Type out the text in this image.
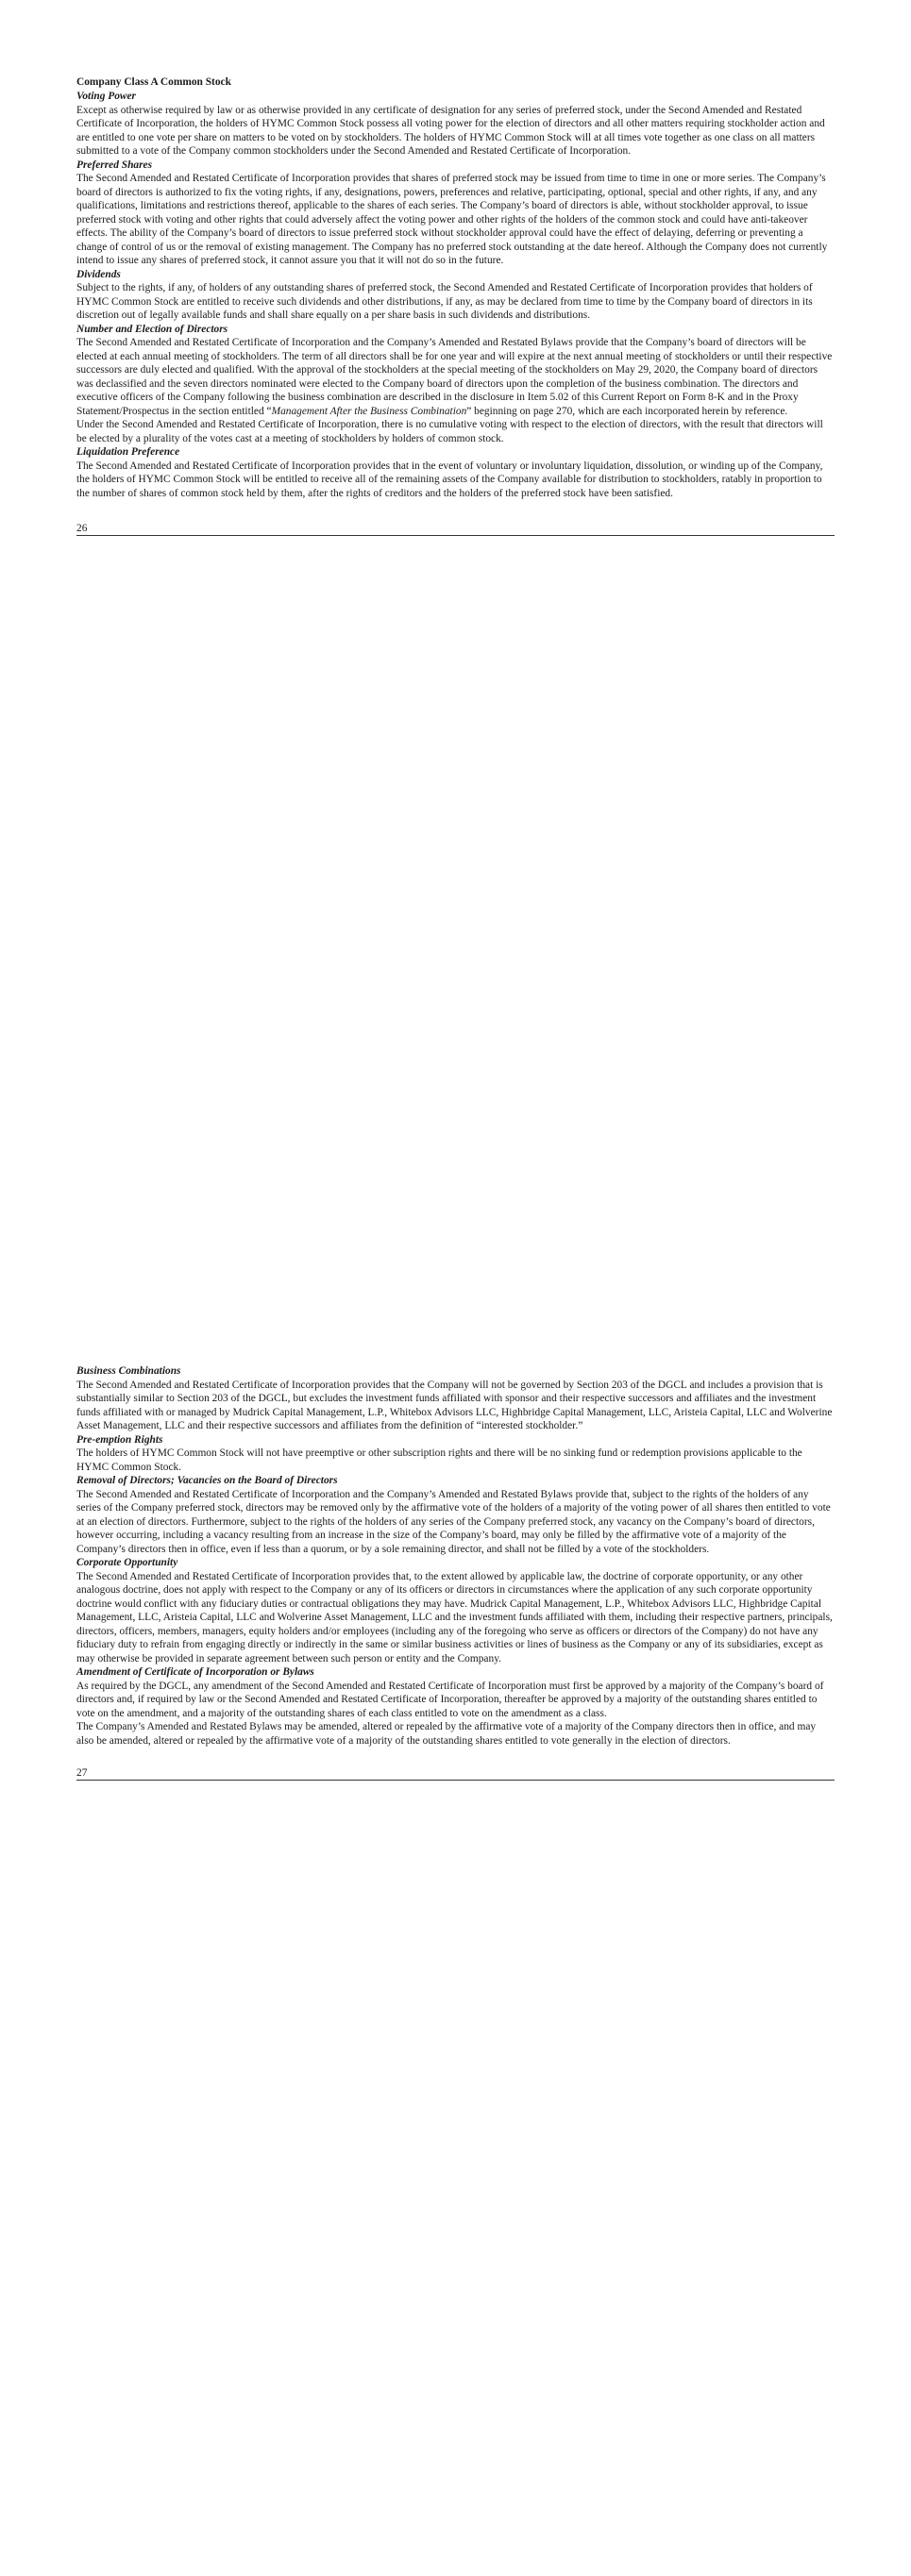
Company Class A Common Stock

Voting Power

Except as otherwise required by law or as otherwise provided in any certificate of designation for any series of preferred stock, under the Second Amended and Restated Certificate of Incorporation, the holders of HYMC Common Stock possess all voting power for the election of directors and all other matters requiring stockholder action and are entitled to one vote per share on matters to be voted on by stockholders. The holders of HYMC Common Stock will at all times vote together as one class on all matters submitted to a vote of the Company common stockholders under the Second Amended and Restated Certificate of Incorporation.

Preferred Shares

The Second Amended and Restated Certificate of Incorporation provides that shares of preferred stock may be issued from time to time in one or more series. The Company’s board of directors is authorized to fix the voting rights, if any, designations, powers, preferences and relative, participating, optional, special and other rights, if any, and any qualifications, limitations and restrictions thereof, applicable to the shares of each series. The Company’s board of directors is able, without stockholder approval, to issue preferred stock with voting and other rights that could adversely affect the voting power and other rights of the holders of the common stock and could have anti-takeover effects. The ability of the Company’s board of directors to issue preferred stock without stockholder approval could have the effect of delaying, deferring or preventing a change of control of us or the removal of existing management. The Company has no preferred stock outstanding at the date hereof. Although the Company does not currently intend to issue any shares of preferred stock, it cannot assure you that it will not do so in the future.

Dividends

Subject to the rights, if any, of holders of any outstanding shares of preferred stock, the Second Amended and Restated Certificate of Incorporation provides that holders of HYMC Common Stock are entitled to receive such dividends and other distributions, if any, as may be declared from time to time by the Company board of directors in its discretion out of legally available funds and shall share equally on a per share basis in such dividends and distributions.

Number and Election of Directors

The Second Amended and Restated Certificate of Incorporation and the Company’s Amended and Restated Bylaws provide that the Company’s board of directors will be elected at each annual meeting of stockholders. The term of all directors shall be for one year and will expire at the next annual meeting of stockholders or until their respective successors are duly elected and qualified. With the approval of the stockholders at the special meeting of the stockholders on May 29, 2020, the Company board of directors was declassified and the seven directors nominated were elected to the Company board of directors upon the completion of the business combination. The directors and executive officers of the Company following the business combination are described in the disclosure in Item 5.02 of this Current Report on Form 8-K and in the Proxy Statement/Prospectus in the section entitled “Management After the Business Combination” beginning on page 270, which are each incorporated herein by reference.

Under the Second Amended and Restated Certificate of Incorporation, there is no cumulative voting with respect to the election of directors, with the result that directors will be elected by a plurality of the votes cast at a meeting of stockholders by holders of common stock.

Liquidation Preference

The Second Amended and Restated Certificate of Incorporation provides that in the event of voluntary or involuntary liquidation, dissolution, or winding up of the Company, the holders of HYMC Common Stock will be entitled to receive all of the remaining assets of the Company available for distribution to stockholders, ratably in proportion to the number of shares of common stock held by them, after the rights of creditors and the holders of the preferred stock have been satisfied.

26

Business Combinations

The Second Amended and Restated Certificate of Incorporation provides that the Company will not be governed by Section 203 of the DGCL and includes a provision that is substantially similar to Section 203 of the DGCL, but excludes the investment funds affiliated with sponsor and their respective successors and affiliates and the investment funds affiliated with or managed by Mudrick Capital Management, L.P., Whitebox Advisors LLC, Highbridge Capital Management, LLC, Aristeia Capital, LLC and Wolverine Asset Management, LLC and their respective successors and affiliates from the definition of “interested stockholder.”

Pre-emption Rights

The holders of HYMC Common Stock will not have preemptive or other subscription rights and there will be no sinking fund or redemption provisions applicable to the HYMC Common Stock.

Removal of Directors; Vacancies on the Board of Directors

The Second Amended and Restated Certificate of Incorporation and the Company’s Amended and Restated Bylaws provide that, subject to the rights of the holders of any series of the Company preferred stock, directors may be removed only by the affirmative vote of the holders of a majority of the voting power of all shares then entitled to vote at an election of directors. Furthermore, subject to the rights of the holders of any series of the Company preferred stock, any vacancy on the Company’s board of directors, however occurring, including a vacancy resulting from an increase in the size of the Company’s board, may only be filled by the affirmative vote of a majority of the Company’s directors then in office, even if less than a quorum, or by a sole remaining director, and shall not be filled by a vote of the stockholders.

Corporate Opportunity

The Second Amended and Restated Certificate of Incorporation provides that, to the extent allowed by applicable law, the doctrine of corporate opportunity, or any other analogous doctrine, does not apply with respect to the Company or any of its officers or directors in circumstances where the application of any such corporate opportunity doctrine would conflict with any fiduciary duties or contractual obligations they may have. Mudrick Capital Management, L.P., Whitebox Advisors LLC, Highbridge Capital Management, LLC, Aristeia Capital, LLC and Wolverine Asset Management, LLC and the investment funds affiliated with them, including their respective partners, principals, directors, officers, members, managers, equity holders and/or employees (including any of the foregoing who serve as officers or directors of the Company) do not have any fiduciary duty to refrain from engaging directly or indirectly in the same or similar business activities or lines of business as the Company or any of its subsidiaries, except as may otherwise be provided in separate agreement between such person or entity and the Company.

Amendment of Certificate of Incorporation or Bylaws

As required by the DGCL, any amendment of the Second Amended and Restated Certificate of Incorporation must first be approved by a majority of the Company’s board of directors and, if required by law or the Second Amended and Restated Certificate of Incorporation, thereafter be approved by a majority of the outstanding shares entitled to vote on the amendment, and a majority of the outstanding shares of each class entitled to vote on the amendment as a class.

The Company’s Amended and Restated Bylaws may be amended, altered or repealed by the affirmative vote of a majority of the Company directors then in office, and may also be amended, altered or repealed by the affirmative vote of a majority of the outstanding shares entitled to vote generally in the election of directors.

27
